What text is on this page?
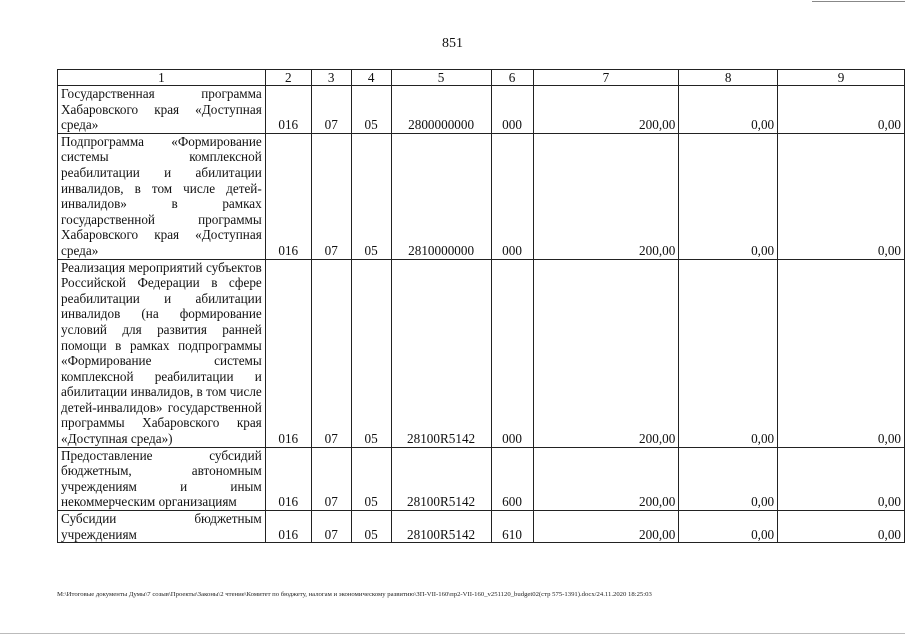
851
1	2	3	4	5	6	7	8	9
Государственная программа Хабаровского края «Доступная среда»	016	07	05	2800000000	000	200,00	0,00	0,00
Подпрограмма «Формирование системы комплексной реабилитации и абилитации инвалидов, в том числе детей-инвалидов» в рамках государственной программы Хабаровского края «Доступная среда»	016	07	05	2810000000	000	200,00	0,00	0,00
Реализация мероприятий субъектов Российской Федерации в сфере реабилитации и абилитации инвалидов (на формирование условий для развития ранней помощи в рамках подпрограммы «Формирование системы комплексной реабилитации и абилитации инвалидов, в том числе детей-инвалидов» государственной программы Хабаровского края «Доступная среда»)	016	07	05	28100R5142	000	200,00	0,00	0,00
Предоставление субсидий бюджетным, автономным учреждениям и иным некоммерческим организациям	016	07	05	28100R5142	600	200,00	0,00	0,00
Субсидии бюджетным учреждениям	016	07	05	28100R5142	610	200,00	0,00	0,00
M:\Итоговые документы Думы\7 созыв\Проекты\Законы\2 чтение\Комитет по бюджету, налогам и экономическому развитию\ЗП-VII-160\пр2-VII-160_v251120_budget02(стр 575-1391).docx/24.11.2020 18:25:03
